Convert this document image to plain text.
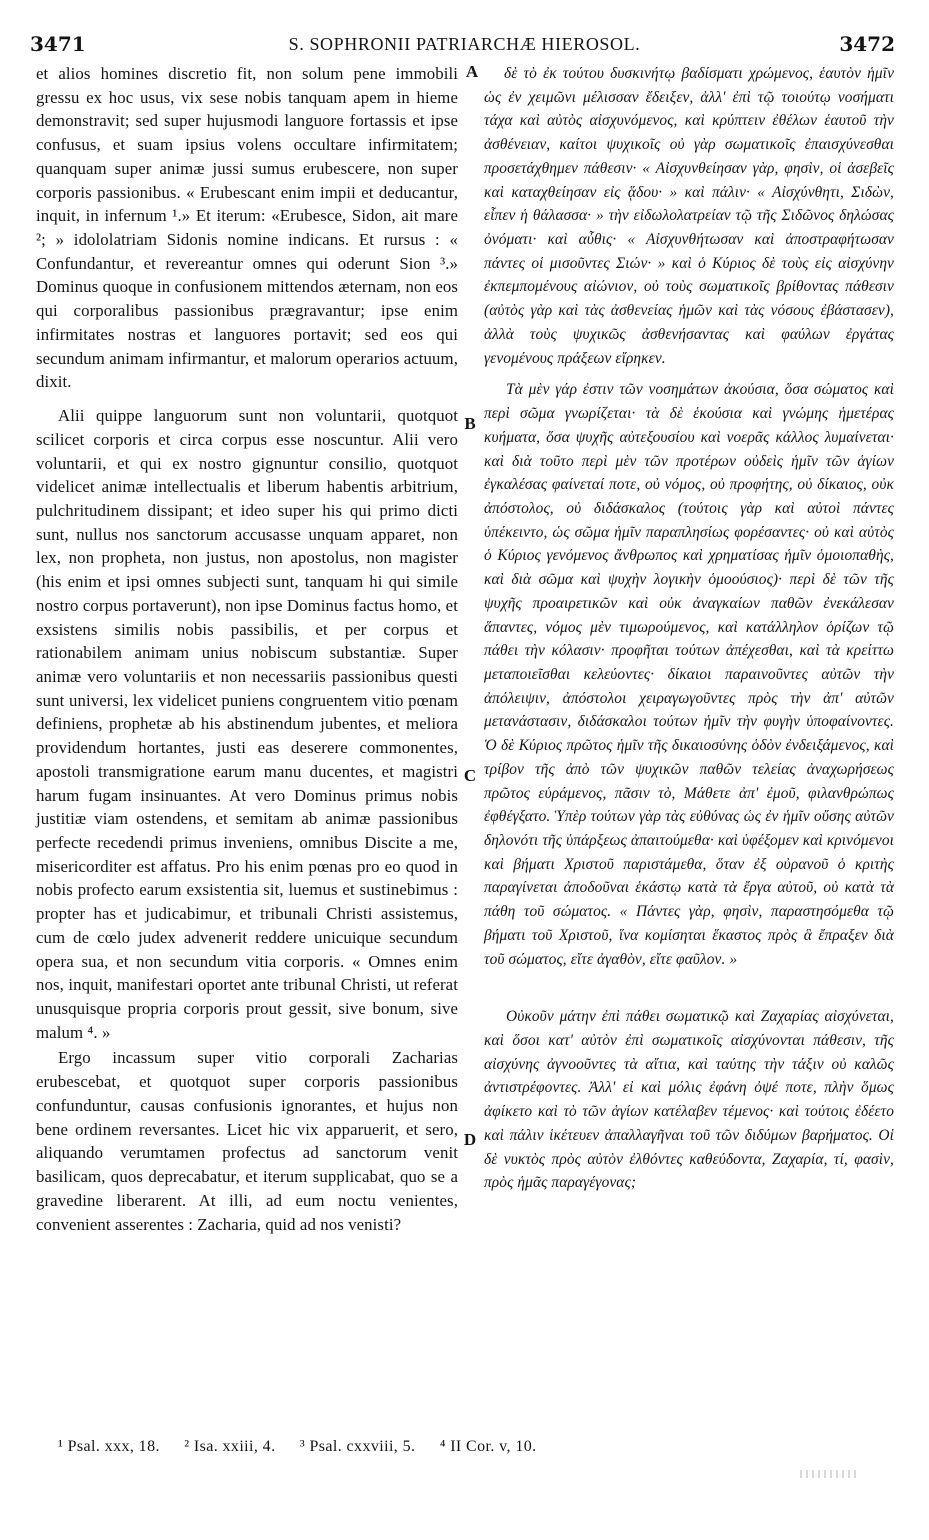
3471	S. SOPHRONII PATRIARCHÆ HIEROSOL.	3472

et alios homines discretio fit, non solum pene immobili gressu ex hoc usus, vix sese nobis tanquam apem in hieme demonstravit; sed super hujusmodi languore fortassis et ipse confusus, et suam ipsius volens occultare infirmitatem; quanquam super animæ jussi sumus erubescere, non super corporis passionibus. « Erubescant enim impii et deducantur, inquit, in infernum ¹.» Et iterum: «Erubesce, Sidon, ait mare ²; » idololatriam Sidonis nomine indicans. Et rursus : « Confundantur, et revereantur omnes qui oderunt Sion ³.» Dominus quoque in confusionem mittendos æternam, non eos qui corporalibus passionibus prægravantur; ipse enim infirmitates nostras et languores portavit; sed eos qui secundum animam infirmantur, et malorum operarios actuum, dixit.

Alii quippe languorum sunt non voluntarii, quotquot scilicet corporis et circa corpus esse noscuntur. Alii vero voluntarii, et qui ex nostro gignuntur consilio, quotquot videlicet animæ intellectualis et liberum habentis arbitrium, pulchritudinem dissipant; et ideo super his qui primo dicti sunt, nullus nos sanctorum accusasse unquam apparet, non lex, non propheta, non justus, non apostolus, non magister (his enim et ipsi omnes subjecti sunt, tanquam hi qui simile nostro corpus portaverunt), non ipse Dominus factus homo, et exsistens similis nobis passibilis, et per corpus et rationabilem animam unius nobiscum substantiæ. Super animæ vero voluntariis et non necessariis passionibus questi sunt universi, lex videlicet puniens congruentem vitio pœnam definiens, prophetæ ab his abstinendum jubentes, et meliora providendum hortantes, justi eas deserere commonentes, apostoli transmigratione earum manu ducentes, et magistri harum fugam insinuantes. At vero Dominus primus nobis justitiæ viam ostendens, et semitam ab animæ passionibus perfecte recedendi primus inveniens, omnibus Discite a me, misericorditer est affatus. Pro his enim pœnas pro eo quod in nobis profecto earum exsistentia sit, luemus et sustinebimus : propter has et judicabimur, et tribunali Christi assistemus, cum de cœlo judex advenerit reddere unicuique secundum opera sua, et non secundum vitia corporis. « Omnes enim nos, inquit, manifestari oportet ante tribunal Christi, ut referat unusquisque propria corporis prout gessit, sive bonum, sive malum ⁴. »

Ergo incassum super vitio corporali Zacharias erubescebat, et quotquot super corporis passionibus confunduntur, causas confusionis ignorantes, et hujus non bene ordinem reversantes. Licet hic vix apparuerit, et sero, aliquando verumtamen profectus ad sanctorum venit basilicam, quos deprecabatur, et iterum supplicabat, quo se a gravedine liberarent. At illi, ad eum noctu venientes, convenient asserentes : Zacharia, quid ad nos venisti?

A
B
C
D

δὲ τὸ ἐκ τούτου δυσκινήτῳ βαδίσματι χρώμενος, ἑαυτὸν ἡμῖν ὡς ἐν χειμῶνι μέλισσαν ἔδειξεν, ἀλλ' ἐπὶ τῷ τοιούτῳ νοσήματι τάχα καὶ αὐτὸς αἰσχυνόμενος, καὶ κρύπτειν ἐθέλων ἑαυτοῦ τὴν ἀσθένειαν, καίτοι ψυχικοῖς οὐ γὰρ σωματικοῖς ἐπαισχύνεσθαι προσετάχθημεν πάθεσιν· « Αἰσχυνθείησαν γὰρ, φησὶν, οἱ ἀσεβεῖς καὶ καταχθείησαν εἰς ᾅδου· » καὶ πάλιν· « Αἰσχύνθητι, Σιδὼν, εἶπεν ἡ θάλασσα· » τὴν εἰδωλολατρείαν τῷ τῆς Σιδῶνος δηλώσας ὀνόματι· καὶ αὖθις· « Αἰσχυνθήτωσαν καὶ ἀποστραφήτωσαν πάντες οἱ μισοῦντες Σιών· » καὶ ὁ Κύριος δὲ τοὺς εἰς αἰσχύνην ἐκπεμπομένους αἰώνιον, οὐ τοὺς σωματικοῖς βρίθοντας πάθεσιν (αὐτὸς γὰρ καὶ τὰς ἀσθενείας ἡμῶν καὶ τὰς νόσους ἐβάστασεν), ἀλλὰ τοὺς ψυχικῶς ἀσθενήσαντας καὶ φαύλων ἐργάτας γενομένους πράξεων εἴρηκεν.

Τὰ μὲν γάρ ἐστιν τῶν νοσημάτων ἀκούσια, ὅσα σώματος καὶ περὶ σῶμα γνωρίζεται· τὰ δὲ ἑκούσια καὶ γνώμης ἡμετέρας κυήματα, ὅσα ψυχῆς αὐτεξουσίου καὶ νοερᾶς κάλλος λυμαίνεται· καὶ διὰ τοῦτο περὶ μὲν τῶν προτέρων οὐδεὶς ἡμῖν τῶν ἁγίων ἐγκαλέσας φαίνεταί ποτε, οὐ νόμος, οὐ προφήτης, οὐ δίκαιος, οὐκ ἀπόστολος, οὐ διδάσκαλος (τούτοις γὰρ καὶ αὐτοὶ πάντες ὑπέκειντο, ὡς σῶμα ἡμῖν παραπλησίως φορέσαντες· οὐ καὶ αὐτὸς ὁ Κύριος γενόμενος ἄνθρωπος καὶ χρηματίσας ἡμῖν ὁμοιοπαθὴς, καὶ διὰ σῶμα καὶ ψυχὴν λογικὴν ὁμοούσιος)· περὶ δὲ τῶν τῆς ψυχῆς προαιρετικῶν καὶ οὐκ ἀναγκαίων παθῶν ἐνεκάλεσαν ἅπαντες, νόμος μὲν τιμωρούμενος, καὶ κατάλληλον ὁρίζων τῷ πάθει τὴν κόλασιν· προφῆται τούτων ἀπέχεσθαι, καὶ τὰ κρείττω μεταποιεῖσθαι κελεύοντες· δίκαιοι παραινοῦντες αὐτῶν τὴν ἀπόλειψιν, ἀπόστολοι χειραγωγοῦντες πρὸς τὴν ἀπ' αὐτῶν μετανάστασιν, διδάσκαλοι τούτων ἡμῖν τὴν φυγὴν ὑποφαίνοντες. Ὁ δὲ Κύριος πρῶτος ἡμῖν τῆς δικαιοσύνης ὁδὸν ἐνδειξάμενος, καὶ τρίβον τῆς ἀπὸ τῶν ψυχικῶν παθῶν τελείας ἀναχωρήσεως πρῶτος εὑράμενος, πᾶσιν τὸ, Μάθετε ἀπ' ἐμοῦ, φιλανθρώπως ἐφθέγξατο. Ὑπὲρ τούτων γὰρ τὰς εὐθύνας ὡς ἐν ἡμῖν οὔσης αὐτῶν δηλονότι τῆς ὑπάρξεως ἀπαιτούμεθα· καὶ ὑφέξομεν καὶ κρινόμενοι καὶ βήματι Χριστοῦ παριστάμεθα, ὅταν ἐξ οὐρανοῦ ὁ κριτὴς παραγίνεται ἀποδοῦναι ἑκάστῳ κατὰ τὰ ἔργα αὐτοῦ, οὐ κατὰ τὰ πάθη τοῦ σώματος. « Πάντες γὰρ, φησὶν, παραστησόμεθα τῷ βήματι τοῦ Χριστοῦ, ἵνα κομίσηται ἕκαστος πρὸς ἃ ἔπραξεν διὰ τοῦ σώματος, εἴτε ἀγαθὸν, εἴτε φαῦλον. »

Οὐκοῦν μάτην ἐπὶ πάθει σωματικῷ καὶ Ζαχαρίας αἰσχύνεται, καὶ ὅσοι κατ' αὐτὸν ἐπὶ σωματικοῖς αἰσχύνονται πάθεσιν, τῆς αἰσχύνης ἀγνοοῦντες τὰ αἴτια, καὶ ταύτης τὴν τάξιν οὐ καλῶς ἀντιστρέφοντες. Ἀλλ' εἰ καὶ μόλις ἐφάνη ὀψέ ποτε, πλὴν ὅμως ἀφίκετο καὶ τὸ τῶν ἁγίων κατέλαβεν τέμενος· καὶ τούτοις ἐδέετο καὶ πάλιν ἱκέτευεν ἀπαλλαγῆναι τοῦ τῶν διδύμων βαρήματος. Οἱ δὲ νυκτὸς πρὸς αὐτὸν ἐλθόντες καθεύδοντα, Ζαχαρία, τί, φασὶν, πρὸς ἡμᾶς παραγέγονας;

¹ Psal. xxx, 18. ² Isa. xxiii, 4. ³ Psal. cxxviii, 5. ⁴ II Cor. v, 10.
